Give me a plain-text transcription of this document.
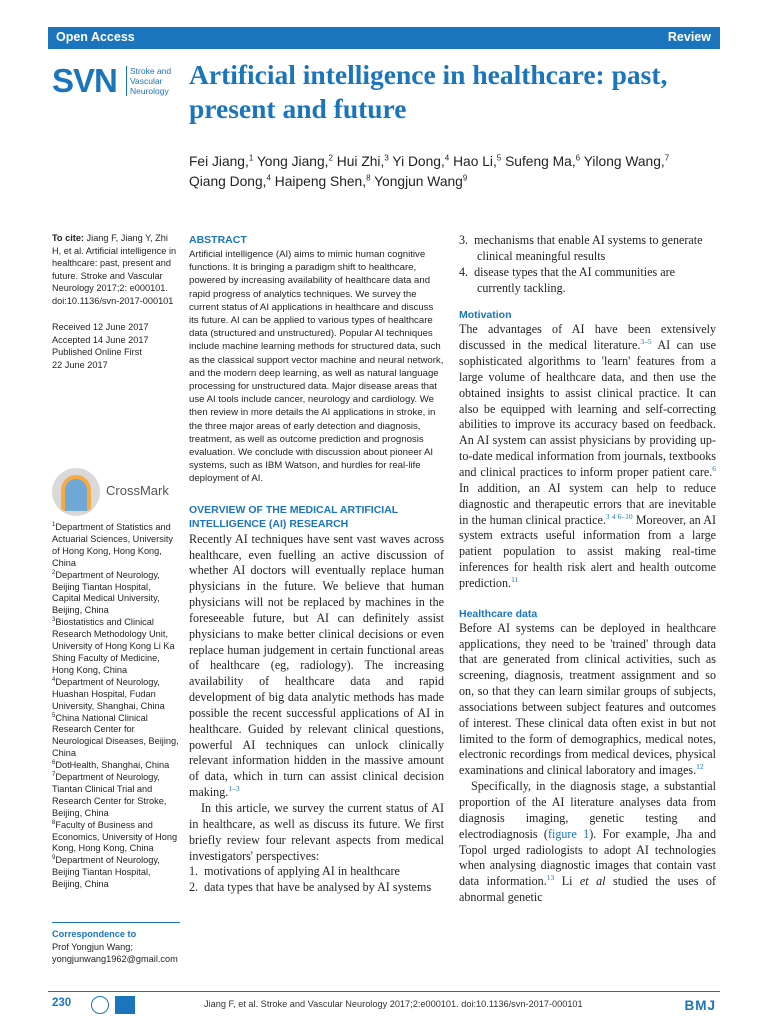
Open Access	Review
SVN	Stroke and
Vascular
Neurology
Artificial intelligence in healthcare: past, present and future
Fei Jiang,$^1$ Yong Jiang,$^2$ Hui Zhi,$^3$ Yi Dong,$^4$ Hao Li,$^5$ Sufeng Ma,$^6$ Yilong Wang,$^7$
Qiang Dong,$^4$ Haipeng Shen,$^8$ Yongjun Wang$^9$
To cite: Jiang F, Jiang Y, Zhi H, et al. Artificial intelligence in healthcare: past, present and future. Stroke and Vascular Neurology 2017;2: e000101. doi:10.1136/svn-2017-000101

Received 12 June 2017

Accepted 14 June 2017

Published Online First

22 June 2017

CrossMark

$^1$Department of Statistics and Actuarial Sciences, University of Hong Kong, Hong Kong, China

$^2$Department of Neurology, Beijing Tiantan Hospital, Capital Medical University, Beijing, China

$^3$Biostatistics and Clinical Research Methodology Unit, University of Hong Kong Li Ka Shing Faculty of Medicine, Hong Kong, China

$^4$Department of Neurology, Huashan Hospital, Fudan University, Shanghai, China

$^5$China National Clinical Research Center for Neurological Diseases, Beijing, China

$^6$DotHealth, Shanghai, China

$^7$Department of Neurology, Tiantan Clinical Trial and Research Center for Stroke, Beijing, China

$^8$Faculty of Business and Economics, University of Hong Kong, Hong Kong, China

$^9$Department of Neurology, Beijing Tiantan Hospital, Beijing, China

Correspondence to

Prof Yongjun Wang;

yongjunwang1962@gmail.com

ABSTRACT

Artificial intelligence (AI) aims to mimic human cognitive functions. It is bringing a paradigm shift to healthcare, powered by increasing availability of healthcare data and rapid progress of analytics techniques. We survey the current status of AI applications in healthcare and discuss its future. AI can be applied to various types of healthcare data (structured and unstructured). Popular AI techniques include machine learning methods for structured data, such as the classical support vector machine and neural network, and the modern deep learning, as well as natural language processing for unstructured data. Major disease areas that use AI tools include cancer, neurology and cardiology. We then review in more details the AI applications in stroke, in the three major areas of early detection and diagnosis, treatment, as well as outcome prediction and prognosis evaluation. We conclude with discussion about pioneer AI systems, such as IBM Watson, and hurdles for real-life deployment of AI.

OVERVIEW OF THE MEDICAL ARTIFICIAL INTELLIGENCE (AI) RESEARCH

Recently AI techniques have sent vast waves across healthcare, even fuelling an active discussion of whether AI doctors will eventually replace human physicians in the future. We believe that human physicians will not be replaced by machines in the foreseeable future, but AI can definitely assist physicians to make better clinical decisions or even replace human judgement in certain functional areas of healthcare (eg, radiology). The increasing availability of healthcare data and rapid development of big data analytic methods has made possible the recent successful applications of AI in healthcare. Guided by relevant clinical questions, powerful AI techniques can unlock clinically relevant information hidden in the massive amount of data, which in turn can assist clinical decision making.$^{1-3}$

In this article, we survey the current status of AI in healthcare, as well as discuss its future. We first briefly review four relevant aspects from medical investigators' perspectives:

1. motivations of applying AI in healthcare

2. data types that have be analysed by AI systems

3. mechanisms that enable AI systems to generate clinical meaningful results

4. disease types that the AI communities are currently tackling.

Motivation

The advantages of AI have been extensively discussed in the medical literature.$^{3-5}$ AI can use sophisticated algorithms to 'learn' features from a large volume of healthcare data, and then use the obtained insights to assist clinical practice. It can also be equipped with learning and self-correcting abilities to improve its accuracy based on feedback. An AI system can assist physicians by providing up-to-date medical information from journals, textbooks and clinical practices to inform proper patient care.$^6$ In addition, an AI system can help to reduce diagnostic and therapeutic errors that are inevitable in the human clinical practice.$^{3 4 6-10}$ Moreover, an AI system extracts useful information from a large patient population to assist making real-time inferences for health risk alert and health outcome prediction.$^{11}$

Healthcare data

Before AI systems can be deployed in healthcare applications, they need to be 'trained' through data that are generated from clinical activities, such as screening, diagnosis, treatment assignment and so on, so that they can learn similar groups of subjects, associations between subject features and outcomes of interest. These clinical data often exist in but not limited to the form of demographics, medical notes, electronic recordings from medical devices, physical examinations and clinical laboratory and images.$^{12}$

Specifically, in the diagnosis stage, a substantial proportion of the AI literature analyses data from diagnosis imaging, genetic testing and electrodiagnosis (figure 1). For example, Jha and Topol urged radiologists to adopt AI technologies when analysing diagnostic images that contain vast data information.$^{13}$ Li et al studied the uses of abnormal genetic

230	Jiang F, et al. Stroke and Vascular Neurology 2017;2:e000101. doi:10.1136/svn-2017-000101	BMJ
